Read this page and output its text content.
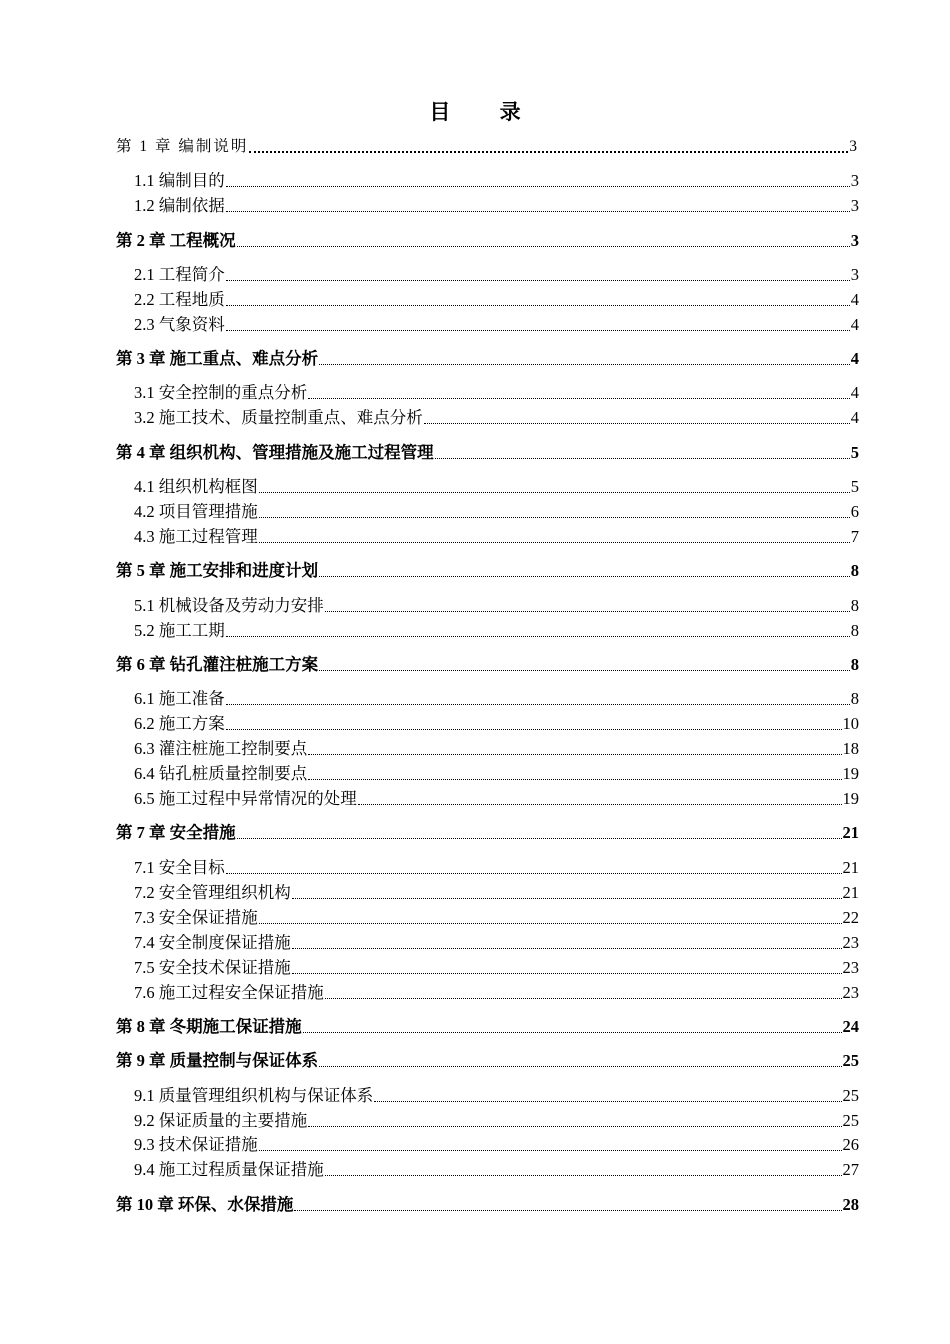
目 录
第 1 章 编制说明	3
1.1 编制目的	3
1.2 编制依据	3
第 2 章 工程概况	3
2.1 工程简介	3
2.2 工程地质	4
2.3 气象资料	4
第 3 章 施工重点、难点分析	4
3.1 安全控制的重点分析	4
3.2 施工技术、质量控制重点、难点分析	4
第 4 章 组织机构、管理措施及施工过程管理	5
4.1 组织机构框图	5
4.2 项目管理措施	6
4.3 施工过程管理	7
第 5 章 施工安排和进度计划	8
5.1 机械设备及劳动力安排	8
5.2 施工工期	8
第 6 章 钻孔灌注桩施工方案	8
6.1 施工准备	8
6.2 施工方案	10
6.3 灌注桩施工控制要点	18
6.4 钻孔桩质量控制要点	19
6.5 施工过程中异常情况的处理	19
第 7 章 安全措施	21
7.1 安全目标	21
7.2 安全管理组织机构	21
7.3 安全保证措施	22
7.4 安全制度保证措施	23
7.5 安全技术保证措施	23
7.6 施工过程安全保证措施	23
第 8 章 冬期施工保证措施	24
第 9 章 质量控制与保证体系	25
9.1 质量管理组织机构与保证体系	25
9.2 保证质量的主要措施	25
9.3 技术保证措施	26
9.4 施工过程质量保证措施	27
第 10 章 环保、水保措施	28
